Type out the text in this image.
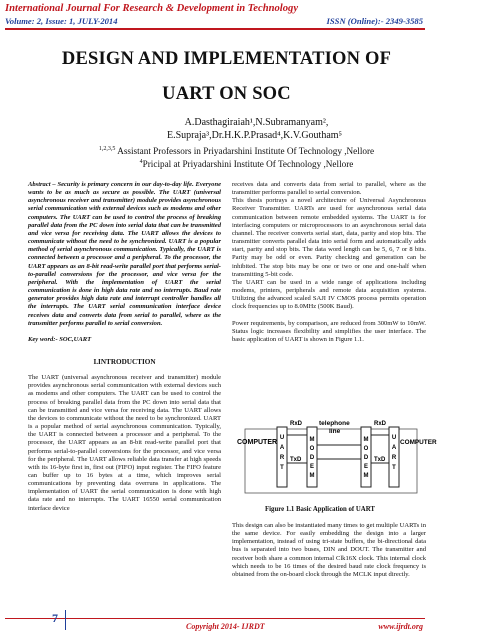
International Journal For Research & Development in Technology
Volume: 2, Issue: 1, JULY-2014	ISSN (Online):- 2349-3585
DESIGN AND IMPLEMENTATION OF
UART ON SOC
A.Dasthagiraiah¹,N.Subramanyam²,
E.Supraja³,Dr.H.K.P.Prasad⁴,K.V.Goutham⁵
$^{1,2,3,5}$ Assistant Professors in Priyadarshini Institute Of Technology ,Nellore
$^4$Pricipal at Priyadarshini Institute Of Technology ,Nellore

Abstract – Security is primary concern in our day-to-day life. Everyone wants to be as much as secure as possible. The UART (universal asynchronous receiver and transmitter) module provides asynchronous serial communication with external devices such as modems and other computers. The UART can be used to control the process of breaking parallel data from the PC down into serial data that can be transmitted and vice versa for receiving data. The UART allows the devices to communicate without the need to be synchronized. UART is a popular method of serial asynchronous communication. Typically, the UART is connected between a processor and a peripheral. To the processor, the UART appears as an 8-bit read-write parallel port that performs serial-to-parallel conversions for the processor, and vice versa for the peripheral. With the implementation of UART the serial communication is done in high data rate and no interrupts. Baud rate generator provides high data rate and interrupt controller handles all the interrupts. The UART serial communication interface device receives data and converts data from serial to parallel, where as the transmitter performs parallel to serial conversion.

Key word:- SOC,UART

I.INTRODUCTION

The UART (universal asynchronous receiver and transmitter) module provides asynchronous serial communication with external devices such as modems and other computers. The UART can be used to control the process of breaking parallel data from the PC down into serial data that can be transmitted and vice versa for receiving data. The UART allows the devices to communicate without the need to be synchronized. UART is a popular method of serial asynchronous communication. Typically, the UART is connected between a processor and a peripheral. To the processor, the UART appears as an 8-bit read-write parallel port that performs serial-to-parallel conversions for the processor, and vice versa for the peripheral. The UART allows reliable data transfer at high speeds with its 16-byte first in, first out (FIFO) input register. The FIFO feature can buffer up to 16 bytes at a time, which improves serial communications by preventing data overruns in applications. The implementation of UART the serial communication is done with high data rate and no interrupts. The UART 16550 serial communication interface device

receives data and converts data from serial to parallel, where as the transmitter performs parallel to serial conversion.

This thesis portrays a novel architecture of Universal Asynchronous Receiver Transmitter. UARTs are used for asynchronous serial data communication between remote embedded systems. The UART is for interfacing computers or microprocessors to an asynchronous serial data channel. The receiver converts serial start, data, parity and stop bits. The transmitter converts parallel data into serial form and automatically adds start, parity and stop bits. The data word length can be 5, 6, 7 or 8 bits. Parity may be odd or even. Parity checking and generation can be inhibited. The stop bits may be one or two or one and one-half when transmitting 5-bit code.

The UART can be used in a wide range of applications including modems, printers, peripherals and remote data acquisition systems. Utilizing the advanced scaled SAJI IV CMOS process permits operation clock frequencies up to 8.0MHz (500K Baud).

Power requirements, by comparison, are reduced from 300mW to 10mW. Status logic increases flexibility and simplifies the user interface. The basic application of UART is shown in Figure 1.1.

COMPUTER
U
A
R
T
M
O
D
E
M
RxD
TxD
telephone
line
M
O
D
E
M
U
A
R
T
RxD
TxD
COMPUTER
Figure 1.1 Basic Application of UART

This design can also be instantiated many times to get multiple UARTs in the same device. For easily embedding the design into a larger implementation, instead of using tri-state buffers, the bi-directional data bus is separated into two buses, DIN and DOUT. The transmitter and receiver both share a common internal Clk16X clock. This internal clock which needs to be 16 times of the desired baud rate clock frequency is obtained from the on-board clock through the MCLK input directly.

7
Copyright 2014- IJRDT	www.ijrdt.org
